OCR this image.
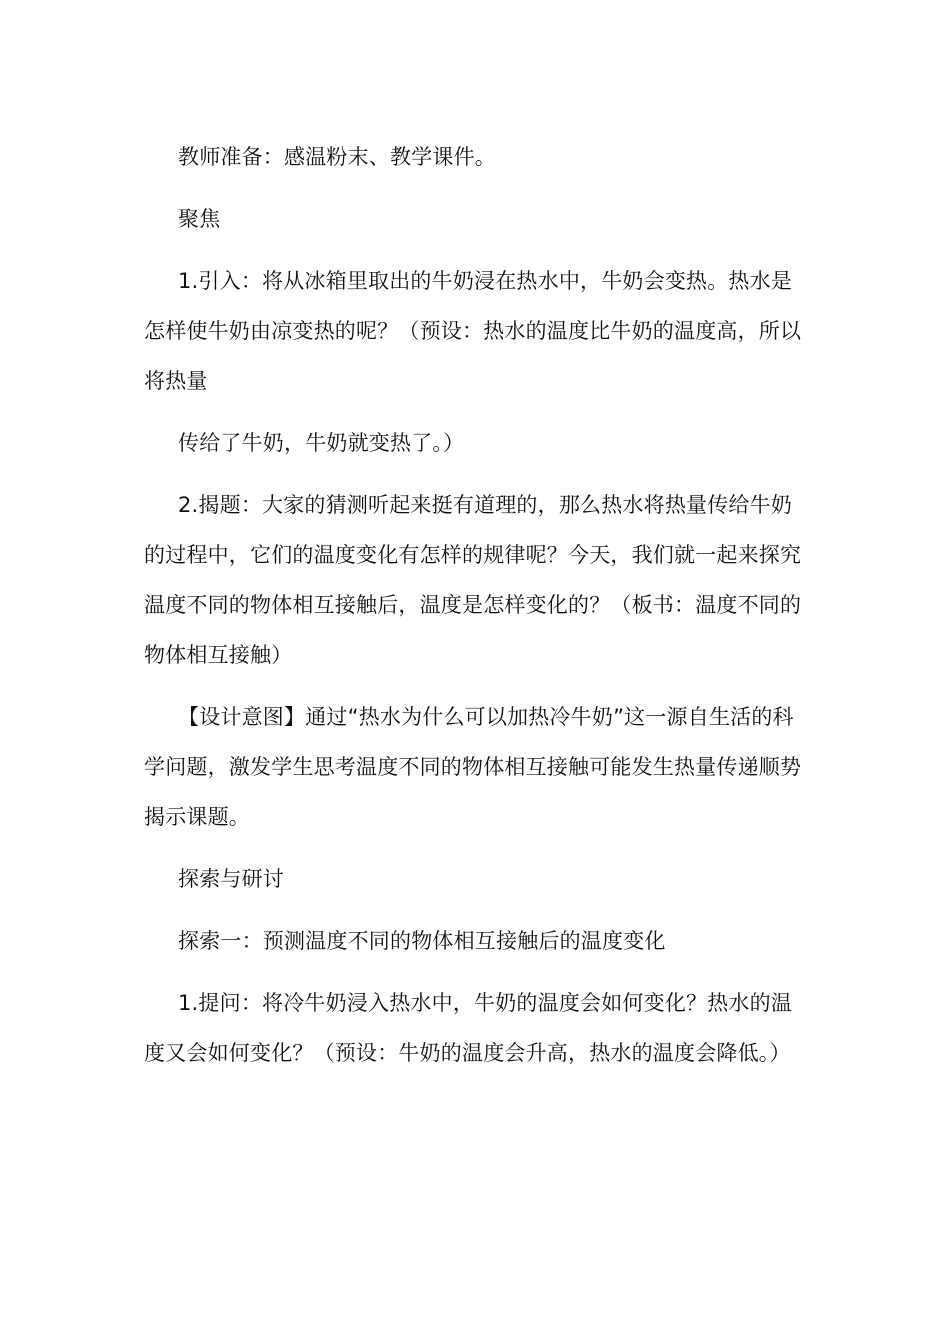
教师准备：感温粉末、教学课件。

聚焦

1.引入：将从冰箱里取出的牛奶浸在热水中，牛奶会变热。热水是怎样使牛奶由凉变热的呢？（预设：热水的温度比牛奶的温度高，所以将热量

传给了牛奶，牛奶就变热了。）

2.揭题：大家的猜测听起来挺有道理的，那么热水将热量传给牛奶的过程中，它们的温度变化有怎样的规律呢？今天，我们就一起来探究温度不同的物体相互接触后，温度是怎样变化的？（板书：温度不同的物体相互接触）

【设计意图】通过“热水为什么可以加热冷牛奶”这一源自生活的科学问题，激发学生思考温度不同的物体相互接触可能发生热量传递顺势揭示课题。

探索与研讨

探索一：预测温度不同的物体相互接触后的温度变化

1.提问：将冷牛奶浸入热水中，牛奶的温度会如何变化？热水的温度又会如何变化？（预设：牛奶的温度会升高，热水的温度会降低。）
